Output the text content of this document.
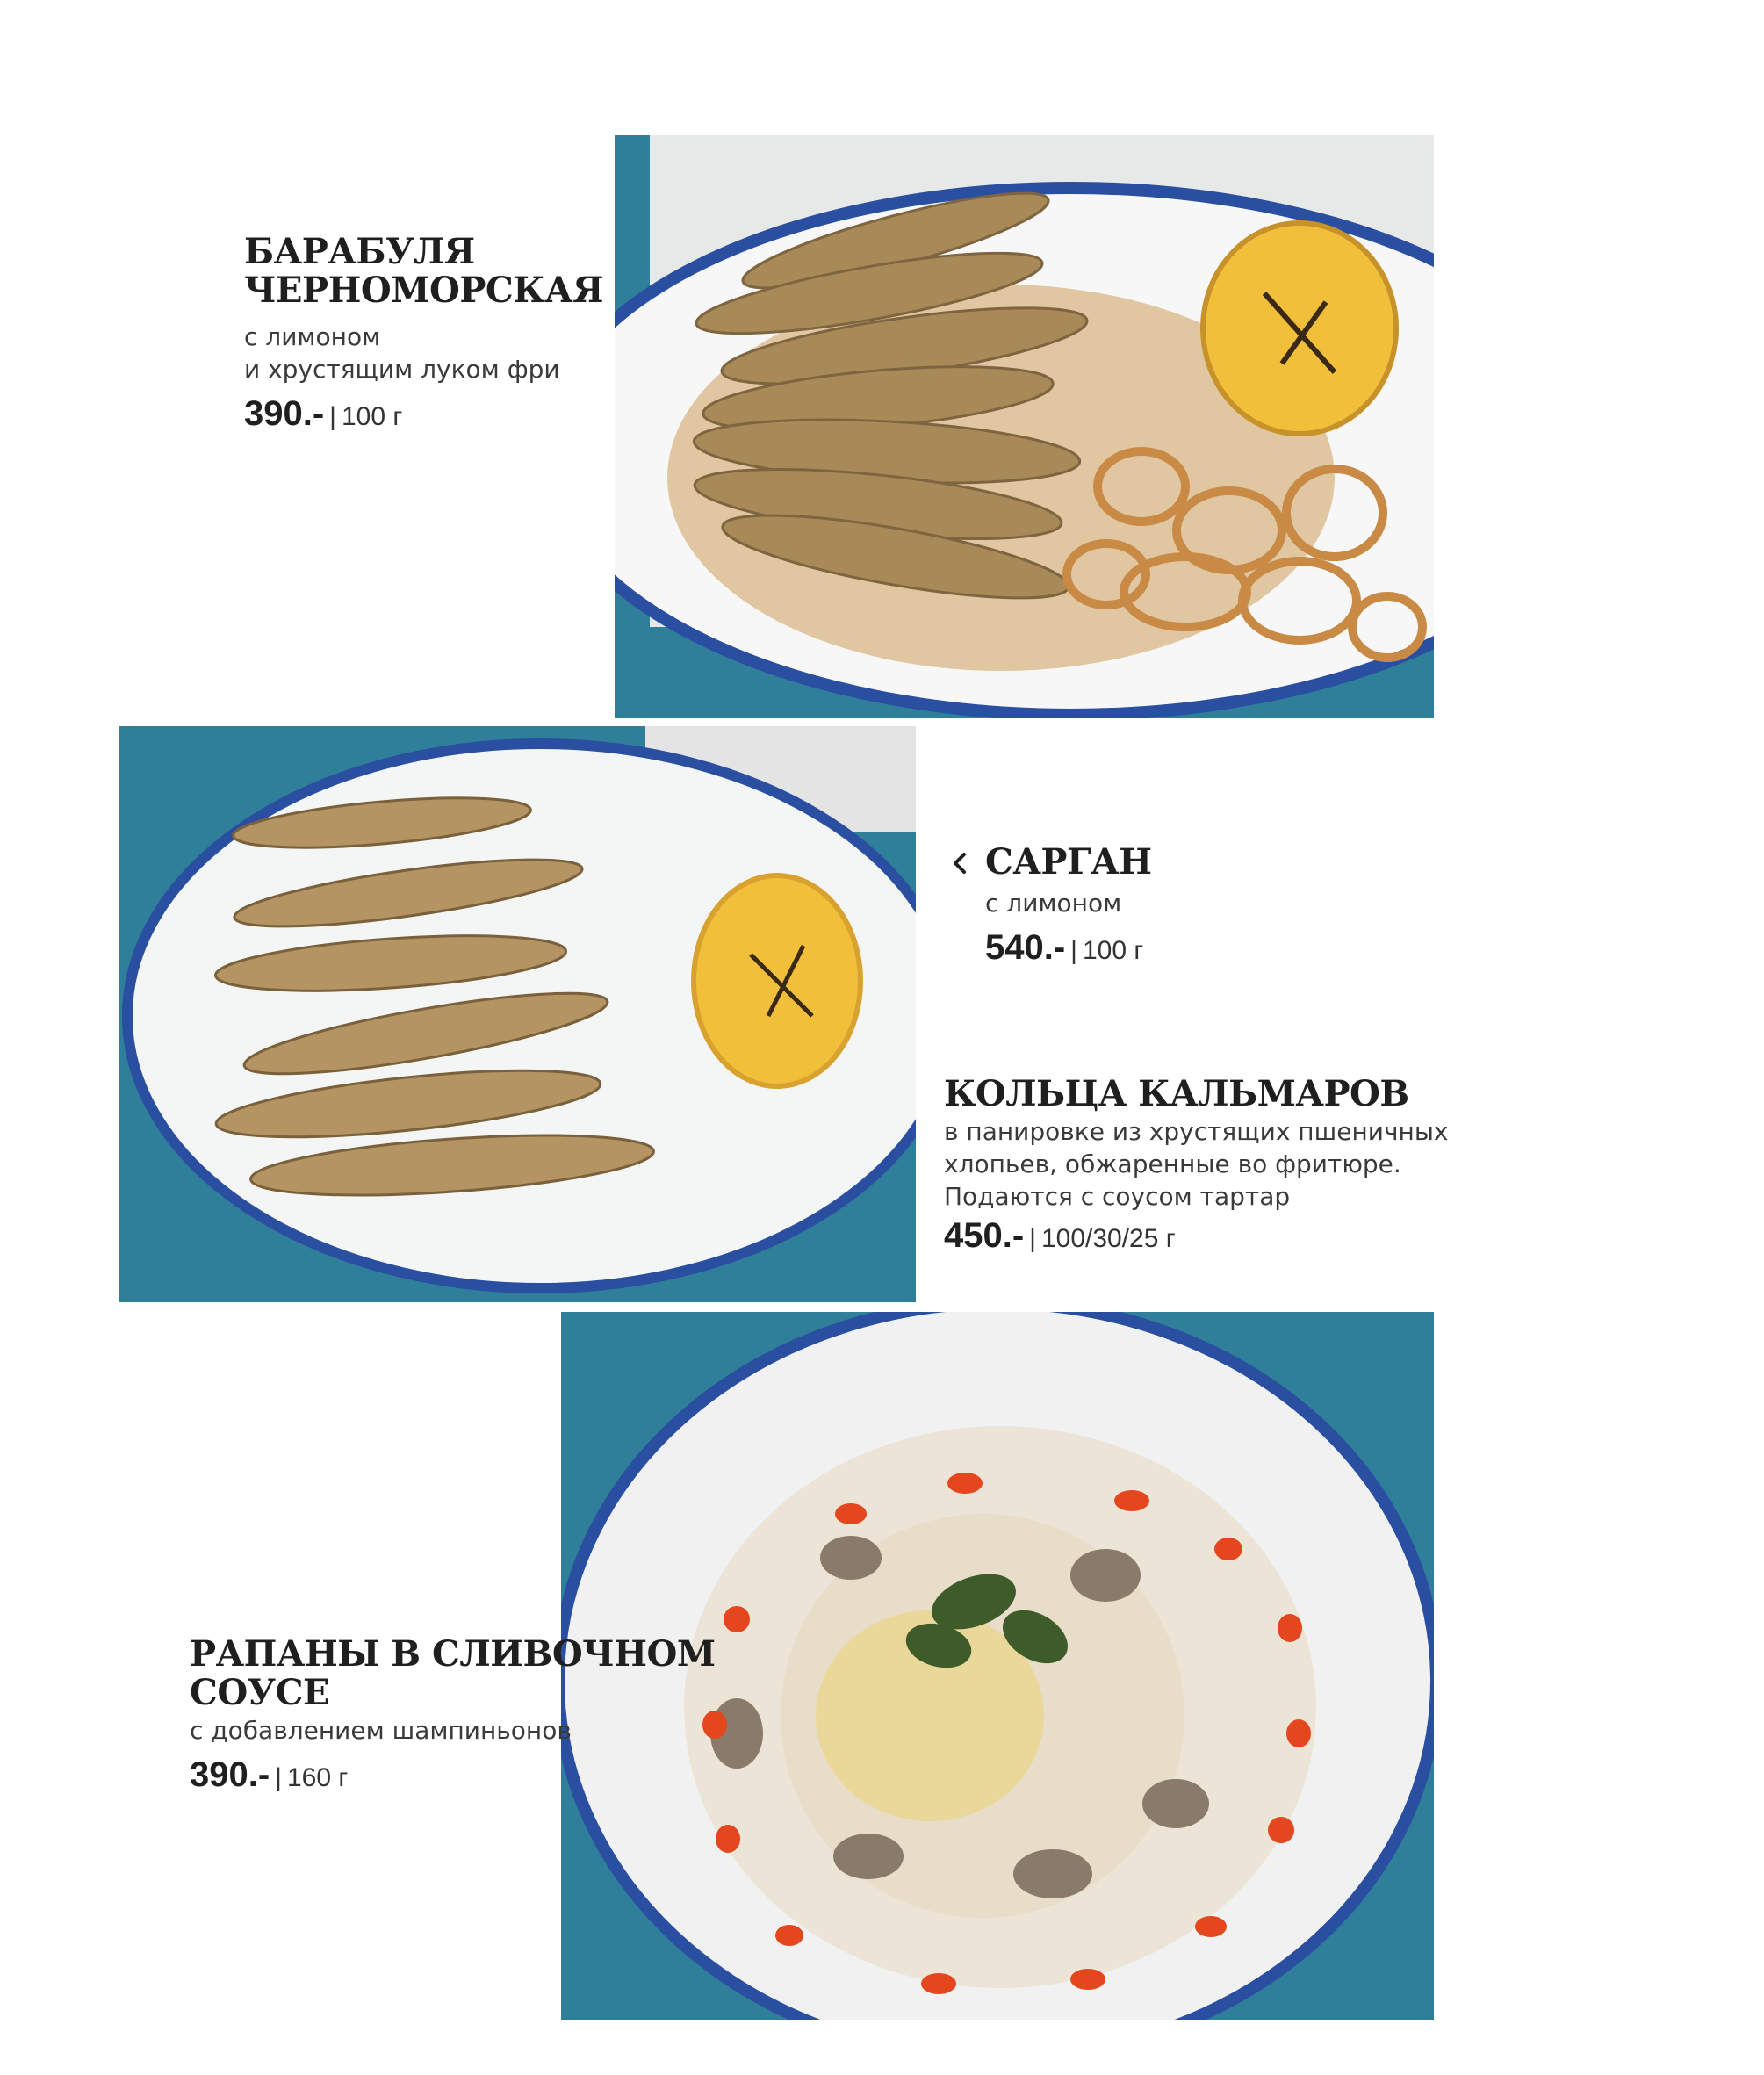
БАРАБУЛЯ
ЧЕРНОМОРСКАЯ

с лимоном
и хрустящим луком фри

390.- | 100 г

САРГАН

с лимоном

540.- | 100 г

КОЛЬЦА КАЛЬМАРОВ

в панировке из хрустящих пшеничных
хлопьев, обжаренные во фритюре.
Подаются с соусом тартар

450.- | 100/30/25 г

РАПАНЫ В СЛИВОЧНОМ
СОУСЕ

с добавлением шампиньонов

390.- | 160 г
